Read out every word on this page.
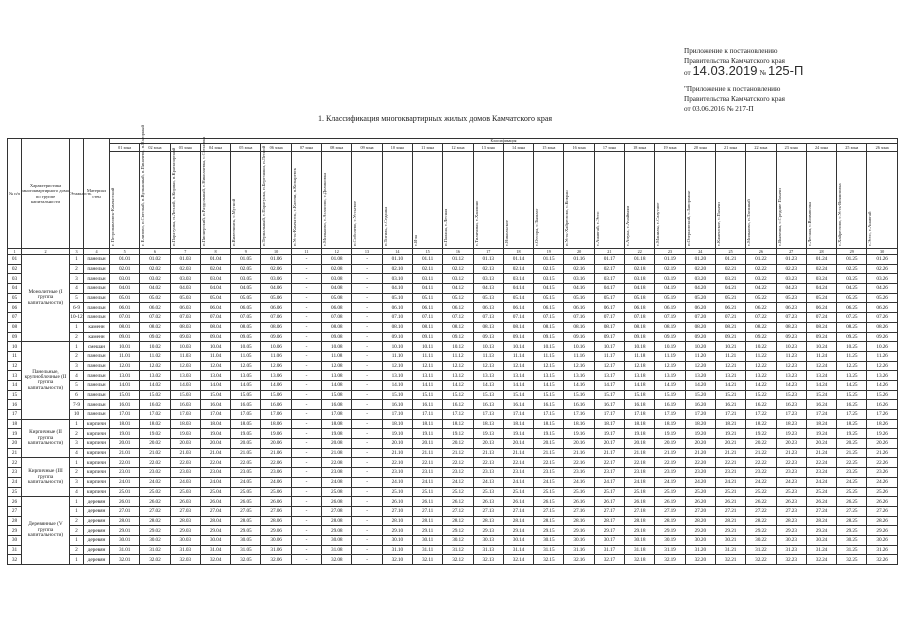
Приложение к постановлению
Правительства Камчатского края
от 14.03.2019 № 125-П
"Приложение к постановлению
Правительства Камчатского края
от 03.06.2016 № 217-П
1. Классификация многоквартирных жилых домов Камчатского края
№ п/п	Характеристика многоквартирного дома по группе капитальности	Этажность	Материал стен	Классификация																									
				01 зона	02 зона	03 зона	04 зона	05 зона	06 зона	07 зона	08 зона	09 зона	10 зона	11 зона	12 зона	13 зона	14 зона	15 зона	16 зона	17 зона	18 зона	19 зона	20 зона	21 зона	22 зона	23 зона	24 зона	25 зона	26 зона

				г. Петропавловск-Камчатский	г. Елизово, п.Светлый, п.Вулканный, п.Пиначево, п.Нагорный	п.Паратунка, п.Лесной, п.Коряки, п.Красноярский	п.Пионерский, п.Раздольный, с.Николаевка, с.Сосновка	п.Вилючинск, с.Мутной	п.Термальный, с.Паратунка, п.Березняки, п.Лесной	п.Усть-Камчатск, с.Ключи, п.Козыревск	с.Мильково, с.Атласово, с.Долиновка	п.Соболево, с.Устьевое	п.Тигиль, с.Седанка	с.Ича	п.Палана, с.Лесная	с.Тиличики, с.Хаилино	с.Никольское	с.Оссора, с.Тымлат	п.Усть-Хайрюзово, с.Ковран	с.Анавгай, с.Эссо	с.Апука, с.Ачайваям	с.Манилы, с.Слаутное	п.Озерновский, с.Запорожье	с.Каменское, с.Пахачи	с.Мильково, п.Таежный	с.Вывенка, с.Средние Пахачи	с.Лесная, с.Воямполка	с.Хайрюзово, с.Усть-Воямполка	с.Эссо, с.Анавгай

1	2	3	4	5	6	7	8	9	10	11	12	13	14	15	16	17	18	19	20	21	22	23	24	25	26	27	28	29	30
01	Монолитные (I группа капитальности)	1	панельн	01.01	01.02	01.03	01.04	01.05	01.06	-	01.08	-	01.10	01.11	01.12	01.13	01.14	01.15	01.16	01.17	01.18	01.19	01.20	01.21	01.22	01.23	01.24	01.25	01.26
02		2	панельн	02.01	02.02	02.03	02.04	02.05	02.06	-	02.08	-	02.10	02.11	02.12	02.13	02.14	02.15	02.16	02.17	02.18	02.19	02.20	02.21	02.22	02.23	02.24	02.25	02.26
03		3	панельн	03.01	03.02	03.03	03.04	03.05	03.06	-	03.08	-	03.10	03.11	03.12	03.13	03.14	03.15	03.16	03.17	03.18	03.19	03.20	03.21	03.22	03.23	03.24	03.25	03.26
04		4	панельн	04.01	04.02	04.03	04.04	04.05	04.06	-	04.08	-	04.10	04.11	04.12	04.13	04.14	04.15	04.16	04.17	04.18	04.19	04.20	04.21	04.22	04.23	04.24	04.25	04.26
05		5	панельн	05.01	05.02	05.03	05.04	05.05	05.06	-	05.08	-	05.10	05.11	05.12	05.13	05.14	05.15	05.16	05.17	05.18	05.19	05.20	05.21	05.22	05.23	05.24	05.25	05.26
06		6-9	панельн	06.01	06.02	06.03	06.04	06.05	06.06	-	06.08	-	06.10	06.11	06.12	06.13	06.14	06.15	06.16	06.17	06.18	06.19	06.20	06.21	06.22	06.23	06.24	06.25	06.26
07		10-12	панельн	07.01	07.02	07.03	07.04	07.05	07.06	-	07.08	-	07.10	07.11	07.12	07.13	07.14	07.15	07.16	07.17	07.18	07.19	07.20	07.21	07.22	07.23	07.24	07.25	07.26
08		1	каменн	08.01	08.02	08.03	08.04	08.05	08.06	-	08.08	-	08.10	08.11	08.12	08.13	08.14	08.15	08.16	08.17	08.18	08.19	08.20	08.21	08.22	08.23	08.24	08.25	08.26
09		2	каменн	09.01	09.02	09.03	09.04	09.05	09.06	-	09.08	-	09.10	09.11	09.12	09.13	09.14	09.15	09.16	09.17	09.18	09.19	09.20	09.21	09.22	09.23	09.24	09.25	09.26
10	Панельные, крупноблочные (II группа капитальности)	1	смешан	10.01	10.02	10.03	10.04	10.05	10.06	-	10.08	-	10.10	10.11	10.12	10.13	10.14	10.15	10.16	10.17	10.18	10.19	10.20	10.21	10.22	10.23	10.24	10.25	10.26
11		2	панельн	11.01	11.02	11.03	11.04	11.05	11.06	-	11.08	-	11.10	11.11	11.12	11.13	11.14	11.15	11.16	11.17	11.18	11.19	11.20	11.21	11.22	11.23	11.24	11.25	11.26
12		3	панельн	12.01	12.02	12.03	12.04	12.05	12.06	-	12.08	-	12.10	12.11	12.12	12.13	12.14	12.15	12.16	12.17	12.18	12.19	12.20	12.21	12.22	12.23	12.24	12.25	12.26
13		4	панельн	13.01	13.02	13.03	13.04	13.05	13.06	-	13.08	-	13.10	13.11	13.12	13.13	13.14	13.15	13.16	13.17	13.18	13.19	13.20	13.21	13.22	13.23	13.24	13.25	13.26
14		5	панельн	14.01	14.02	14.03	14.04	14.05	14.06	-	14.08	-	14.10	14.11	14.12	14.13	14.14	14.15	14.16	14.17	14.18	14.19	14.20	14.21	14.22	14.23	14.24	14.25	14.26
15		6	панельн	15.01	15.02	15.03	15.04	15.05	15.06	-	15.08	-	15.10	15.11	15.12	15.13	15.14	15.15	15.16	15.17	15.18	15.19	15.20	15.21	15.22	15.23	15.24	15.25	15.26
16		7-9	панельн	16.01	16.02	16.03	16.04	16.05	16.06	-	16.08	-	16.10	16.11	16.12	16.13	16.14	16.15	16.16	16.17	16.18	16.19	16.20	16.21	16.22	16.23	16.24	16.25	16.26
17		10	панельн	17.01	17.02	17.03	17.04	17.05	17.06	-	17.08	-	17.10	17.11	17.12	17.13	17.14	17.15	17.16	17.17	17.18	17.19	17.20	17.21	17.22	17.23	17.24	17.25	17.26
18	Кирпичные (II группа капитальности)	1	кирпичн	18.01	18.02	18.03	18.04	18.05	18.06	-	18.08	-	18.10	18.11	18.12	18.13	18.14	18.15	18.16	18.17	18.18	18.19	18.20	18.21	18.22	18.23	18.24	18.25	18.26
19		2	кирпичн	19.01	19.02	19.03	19.04	19.05	19.06	-	19.08	-	19.10	19.11	19.12	19.13	19.14	19.15	19.16	19.17	19.18	19.19	19.20	19.21	19.22	19.23	19.24	19.25	19.26
20		3	кирпичн	20.01	20.02	20.03	20.04	20.05	20.06	-	20.08	-	20.10	20.11	20.12	20.13	20.14	20.15	20.16	20.17	20.18	20.19	20.20	20.21	20.22	20.23	20.24	20.25	20.26
21		4	кирпичн	21.01	21.02	21.03	21.04	21.05	21.06	-	21.08	-	21.10	21.11	21.12	21.13	21.14	21.15	21.16	21.17	21.18	21.19	21.20	21.21	21.22	21.23	21.24	21.25	21.26
22	Кирпичные (III группа капитальности)	1	кирпичн	22.01	22.02	22.03	22.04	22.05	22.06	-	22.08	-	22.10	22.11	22.12	22.13	22.14	22.15	22.16	22.17	22.18	22.19	22.20	22.21	22.22	22.23	22.24	22.25	22.26
23		2	кирпичн	23.01	23.02	23.03	23.04	23.05	23.06	-	23.08	-	23.10	23.11	23.12	23.13	23.14	23.15	23.16	23.17	23.18	23.19	23.20	23.21	23.22	23.23	23.24	23.25	23.26
24		3	кирпичн	24.01	24.02	24.03	24.04	24.05	24.06	-	24.08	-	24.10	24.11	24.12	24.13	24.14	24.15	24.16	24.17	24.18	24.19	24.20	24.21	24.22	24.23	24.24	24.25	24.26
25		4	кирпичн	25.01	25.02	25.03	25.04	25.05	25.06	-	25.08	-	25.10	25.11	25.12	25.13	25.14	25.15	25.16	25.17	25.18	25.19	25.20	25.21	25.22	25.23	25.24	25.25	25.26
26	Деревянные (V группа капитальности)	1	деревян	26.01	26.02	26.03	26.04	26.05	26.06	-	26.08	-	26.10	26.11	26.12	26.13	26.14	26.15	26.16	26.17	26.18	26.19	26.20	26.21	26.22	26.23	26.24	26.25	26.26
27		1	деревян	27.01	27.02	27.03	27.04	27.05	27.06	-	27.08	-	27.10	27.11	27.12	27.13	27.14	27.15	27.16	27.17	27.18	27.19	27.20	27.21	27.22	27.23	27.24	27.25	27.26
28		2	деревян	28.01	28.02	28.03	28.04	28.05	28.06	-	28.08	-	28.10	28.11	28.12	28.13	28.14	28.15	28.16	28.17	28.18	28.19	28.20	28.21	28.22	28.23	28.24	28.25	28.26
29		2	деревян	29.01	29.02	29.03	29.04	29.05	29.06	-	29.08	-	29.10	29.11	29.12	29.13	29.14	29.15	29.16	29.17	29.18	29.19	29.20	29.21	29.22	29.23	29.24	29.25	29.26
30		1	деревян	30.01	30.02	30.03	30.04	30.05	30.06	-	30.08	-	30.10	30.11	30.12	30.13	30.14	30.15	30.16	30.17	30.18	30.19	30.20	30.21	30.22	30.23	30.24	30.25	30.26
31		2	деревян	31.01	31.02	31.03	31.04	31.05	31.06	-	31.08	-	31.10	31.11	31.12	31.13	31.14	31.15	31.16	31.17	31.18	31.19	31.20	31.21	31.22	31.23	31.24	31.25	31.26
32		1	деревян	32.01	32.02	32.03	32.04	32.05	32.06	-	32.08	-	32.10	32.11	32.12	32.13	32.14	32.15	32.16	32.17	32.18	32.19	32.20	32.21	32.22	32.23	32.24	32.25	32.26
